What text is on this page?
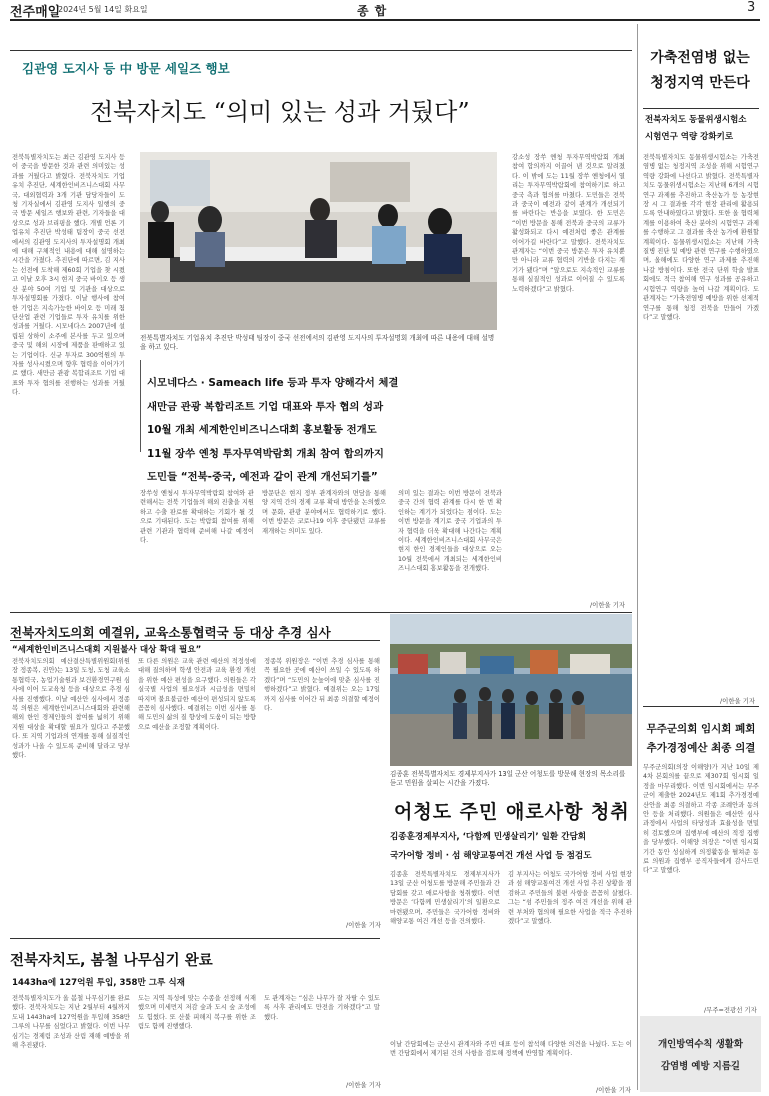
전주매일
2024년 5월 14일 화요일	종합	3
김관영 도지사 등 中 방문 세일즈 행보
전북자치도 “의미 있는 성과 거뒀다”
전북특별자치도는 최근 김관영 도지사 등이 중국을 방문한 것과 관련 의미있는 성과를 거뒀다고 밝혔다. 전북자치도 기업유치 추진단, 세계한인비즈니스대회 사무국, 대외협력과 3개 기관 담당자들이 도청 기자실에서 김관영 도지사 일행의 중국 방문 세일즈 행보와 관련, 기자들을 대상으로 성과 브리핑을 했다. 개별 언론 기업유치 추진단 박성태 팀장이 중국 선전에서의 김관영 도지사의 투자설명회 개최에 대해 구체적인 내용에 대해 설명하는 시간을 가졌다. 추진단에 따르면, 김 지사는 선전에 도착해 제60회 기업을 찾 시켰고 이날 오후 3시 현지 중국 바이오 등 생산 분야 50여 기업 및 기관을 대상으로 투자설명회를 가졌다. 이날 행사에 참여한 기업은 지속가능한 바이오 등 미래 첨단산업 관련 기업들로 투자 유치를 위한 성과를 거뒀다. 시모네다스 2007년에 설립된 상하이 소주에 본사를 두고 있으며 중국 및 해외 시장에 제품을 판매하고 있는 기업이다. 신규 투자로 300억원의 투자를 성사시켰으며 향후 협력을 이어가기로 했다. 새만금 관광 복합리조트 기업 대표와 투자 협의를 진행하는 성과를 거뒀다.
전북특별자치도 기업유치 추진단 박성태 팀장이 중국 선전에서의 김관영 도지사의 투자설명회 개최에 따른 내용에 대해 설명을 하고 있다.
강소성 장쑤 옌청 투자무역박람회 개최 참여 합의까지 이끌어 낸 것으로 알려졌다. 이 밖에 도는 11월 장쑤 옌청에서 열리는 투자무역박람회에 참여하기로 하고 중국 측과 협의를 마쳤다. 도민들은 전북과 중국이 예전과 같이 관계가 개선되기를 바란다는 반응을 보였다. 한 도민은 “이번 방문을 통해 전북과 중국의 교류가 활성화되고 다시 예전처럼 좋은 관계를 이어가길 바란다”고 말했다. 전북자치도 관계자는 “이번 중국 방문은 투자 유치뿐만 아니라 교류 협력의 기반을 다지는 계기가 됐다”며 “앞으로도 지속적인 교류를 통해 실질적인 성과로 이어질 수 있도록 노력하겠다”고 밝혔다.
시모네다스 · Sameach life 등과 투자 양해각서 체결
새만금 관광 복합리조트 기업 대표와 투자 협의 성과
10월 개최 세계한인비즈니스대회 홍보활동 전개도
11월 장쑤 옌청 투자무역박람회 개최 참여 합의까지
도민들 “전북-중국, 예전과 같이 관계 개선되기를”
의미 있는 결과는 이번 방문이 전북과 중국 간의 협력 관계를 다시 한 번 확인하는 계기가 되었다는 점이다. 도는 이번 방문을 계기로 중국 기업과의 투자 협력을 더욱 확대해 나간다는 계획이다. 세계한인비즈니스대회 사무국은 현지 한인 경제인들을 대상으로 오는 10월 전북에서 개최되는 세계한인비즈니스대회 홍보활동을 전개했다.
장쑤성 옌청시 투자무역박람회 참여와 관련해서는 전북 기업들의 해외 진출을 지원하고 수출 판로를 확대하는 기회가 될 것으로 기대된다. 도는 박람회 참여를 위해 관련 기관과 협력해 준비해 나갈 예정이다.
방문단은 현지 정부 관계자와의 면담을 통해 양 지역 간의 경제 교류 확대 방안을 논의했으며 문화, 관광 분야에서도 협력하기로 했다. 이번 방문은 코로나19 이후 중단됐던 교류를 재개하는 의미도 있다.
/이한울 기자
가축전염병 없는
청정지역 만든다
전북자치도 동물위생시험소
시험연구 역량 강화키로
전북특별자치도 동물위생시험소는 가축전염병 없는 청정지역 조성을 위해 시험연구 역량 강화에 나선다고 밝혔다. 전북특별자치도 동물위생시험소는 지난해 6개의 시험연구 과제를 추진하고 축산농가 등 농장현장 시 그 결과를 각각 현장 관리에 활용되도록 안내하였다고 밝혔다. 또한 올 협력체계를 이용하여 축산 분야의 시험연구 과제를 수행하고 그 결과를 축산 농가에 환원할 계획이다. 동물위생시험소는 지난해 가축질병 진단 및 예방 관련 연구를 수행하였으며, 올해에도 다양한 연구 과제를 추진해 나갈 방침이다. 또한 전국 단위 학술 발표회에도 적극 참여해 연구 성과를 공유하고 시험연구 역량을 높여 나갈 계획이다. 도 관계자는 “가축전염병 예방을 위한 선제적 연구를 통해 청정 전북을 만들어 가겠다”고 말했다.
/이한울 기자
무주군의회 임시회 폐회
추가경정예산 최종 의결
무주군의회(의장 이해양)가 지난 10일 제4차 본회의를 끝으로 제307회 임시회 일정을 마무리했다. 이번 임시회에서는 무주군이 제출한 2024년도 제1회 추가경정예산안을 최종 의결하고 각종 조례안과 동의안 등을 처리했다. 의원들은 예산안 심사 과정에서 사업의 타당성과 효율성을 면밀히 검토했으며 집행부에 예산의 적정 집행을 당부했다. 이해양 의장은 “이번 임시회 기간 동안 성실하게 의정활동을 펼쳐준 동료 의원과 집행부 공직자들에게 감사드린다”고 말했다.
/무주=전광선 기자
개인방역수칙 생활화
감염병 예방 지름길
전북자치도의회 예결위, 교육소통협력국 등 대상 추경 심사
“세계한인비즈니스대회 지원불사 대상 확대 필요”
전북자치도의회 예산결산특별위원회(위원장 정종복, 진안)는 13일 도청, 도청 교육소통협력국, 농업기술원과 보건환경연구원 심사에 이어 도교육청 등을 대상으로 추경 심사를 진행했다. 이날 예산안 심사에서 정종복 의원은 세계한인비즈니스대회와 관련해 해외 한인 경제인들의 참여를 넓히기 위해 지원 대상을 확대할 필요가 있다고 주문했다. 또 지역 기업과의 연계를 통해 실질적인 성과가 나올 수 있도록 준비해 달라고 당부했다.
또 다른 의원은 교육 관련 예산의 적정성에 대해 질의하며 학생 안전과 교육 환경 개선을 위한 예산 편성을 요구했다. 의원들은 각 실국별 사업의 필요성과 시급성을 면밀히 따지며 불요불급한 예산이 편성되지 않도록 꼼꼼히 심사했다. 예결위는 이번 심사를 통해 도민의 삶의 질 향상에 도움이 되는 방향으로 예산을 조정할 계획이다.
정종복 위원장은 “이번 추경 심사를 통해 꼭 필요한 곳에 예산이 쓰일 수 있도록 하겠다”며 “도민의 눈높이에 맞춘 심사를 진행하겠다”고 밝혔다. 예결위는 오는 17일까지 심사를 이어간 뒤 최종 의결할 예정이다.
/이한울 기자
김종훈 전북특별자치도 경제부지사가 13일 군산 어청도를 방문해 현장의 목소리를 듣고 민원을 살피는 시간을 가졌다.
어청도 주민 애로사항 청취
김종훈경제부지사, ‘다함께 민생살리기’ 일환 간담회
국가어항 정비 · 섬 해양교통여건 개선 사업 등 점검도
김종훈 전북특별자치도 경제부지사가 13일 군산 어청도를 방문해 주민들과 간담회를 갖고 애로사항을 청취했다. 이번 방문은 ‘다함께 민생살리기’의 일환으로 마련됐으며, 주민들은 국가어항 정비와 해양교통 여건 개선 등을 건의했다.
김 부지사는 어청도 국가어항 정비 사업 현장과 섬 해양교통여건 개선 사업 추진 상황을 점검하고 주민들의 불편 사항을 꼼꼼히 살폈다. 그는 “섬 주민들의 정주 여건 개선을 위해 관련 부처와 협의해 필요한 사업을 적극 추진하겠다”고 말했다.
이날 간담회에는 군산시 관계자와 주민 대표 등이 참석해 다양한 의견을 나눴다. 도는 이번 간담회에서 제기된 건의 사항을 검토해 정책에 반영할 계획이다.
/이한울 기자
전북자치도, 봄철 나무심기 완료
1443ha에 127억원 투입, 358만 그루 식재
전북특별자치도가 올 봄철 나무심기를 완료했다. 전북자치도는 지난 2월부터 4월까지 도내 1443ha에 127억원을 투입해 358만 그루의 나무를 심었다고 밝혔다. 이번 나무심기는 경제림 조성과 산림 재해 예방을 위해 추진됐다.
도는 지역 특성에 맞는 수종을 선정해 식재했으며 미세먼지 저감 숲과 도시 숲 조성에도 힘썼다. 또 산불 피해지 복구를 위한 조림도 함께 진행했다.
도 관계자는 “심은 나무가 잘 자랄 수 있도록 사후 관리에도 만전을 기하겠다”고 말했다.
/이한울 기자
